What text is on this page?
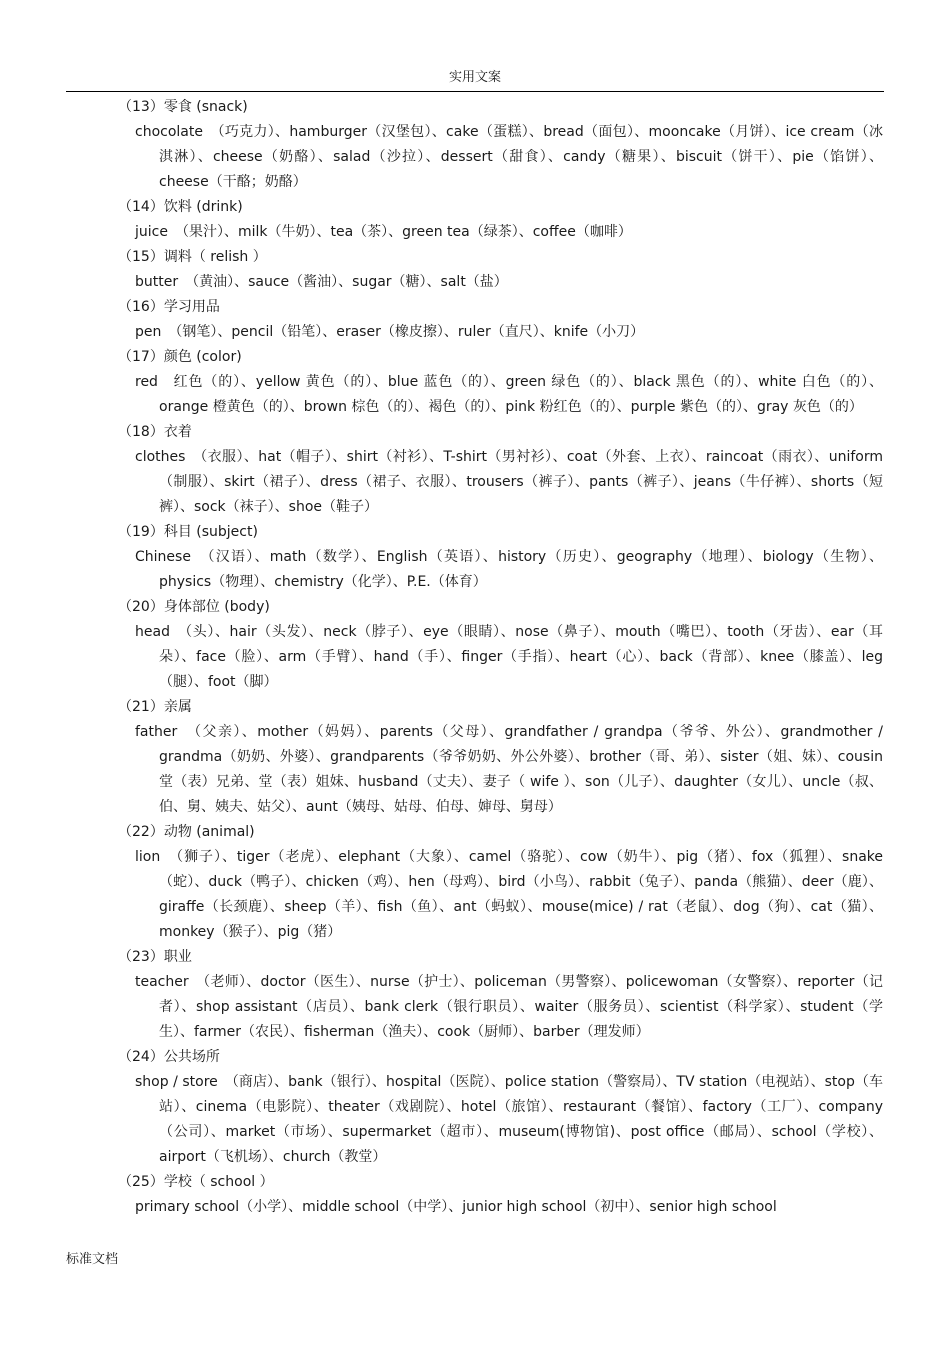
实用文案

（13）零食 (snack)

chocolate　（巧克力）、hamburger（汉堡包）、cake（蛋糕）、bread（面包）、mooncake（月饼）、ice cream（冰淇淋）、cheese（奶酪）、salad（沙拉）、dessert（甜食）、candy（糖果）、biscuit（饼干）、pie（馅饼）、cheese（干酪；奶酪）

（14）饮料 (drink)

juice　（果汁）、milk（牛奶）、tea（茶）、green tea（绿茶）、coffee（咖啡）

（15）调料（ relish ）

butter　（黄油）、sauce（酱油）、sugar（糖）、salt（盐）

（16）学习用品

pen　（钢笔）、pencil（铅笔）、eraser（橡皮擦）、ruler（直尺）、knife（小刀）

（17）颜色 (color)

red　红色（的）、yellow 黄色（的）、blue 蓝色（的）、green 绿色（的）、black 黑色（的）、white 白色（的）、orange 橙黄色（的）、brown 棕色（的）、褐色（的）、pink 粉红色（的）、purple 紫色（的）、gray 灰色（的）

（18）衣着

clothes　（衣服）、hat（帽子）、shirt（衬衫）、T-shirt（男衬衫）、coat（外套、上衣）、raincoat（雨衣）、uniform（制服）、skirt（裙子）、dress（裙子、衣服）、trousers（裤子）、pants（裤子）、jeans（牛仔裤）、shorts（短裤）、sock（袜子）、shoe（鞋子）

（19）科目 (subject)

Chinese　（汉语）、math（数学）、English（英语）、history（历史）、geography（地理）、biology（生物）、physics（物理）、chemistry（化学）、P.E.（体育）

（20）身体部位 (body)

head　（头）、hair（头发）、neck（脖子）、eye（眼睛）、nose（鼻子）、mouth（嘴巴）、tooth（牙齿）、ear（耳朵）、face（脸）、arm（手臂）、hand（手）、finger（手指）、heart（心）、back（背部）、knee（膝盖）、leg（腿）、foot（脚）

（21）亲属

father　（父亲）、mother（妈妈）、parents（父母）、grandfather / grandpa（爷爷、外公）、grandmother / grandma（奶奶、外婆）、grandparents（爷爷奶奶、外公外婆）、brother（哥、弟）、sister（姐、妹）、cousin 堂（表）兄弟、堂（表）姐妹、husband（丈夫）、妻子（ wife ）、son（儿子）、daughter（女儿）、uncle（叔、伯、舅、姨夫、姑父）、aunt（姨母、姑母、伯母、婶母、舅母）

（22）动物 (animal)

lion　（狮子）、tiger（老虎）、elephant（大象）、camel（骆驼）、cow（奶牛）、pig（猪）、fox（狐狸）、snake（蛇）、duck（鸭子）、chicken（鸡）、hen（母鸡）、bird（小鸟）、rabbit（兔子）、panda（熊猫）、deer（鹿）、giraffe（长颈鹿）、sheep（羊）、fish（鱼）、ant（蚂蚁）、mouse(mice) / rat（老鼠）、dog（狗）、cat（猫）、monkey（猴子）、pig（猪）

（23）职业

teacher　（老师）、doctor（医生）、nurse（护士）、policeman（男警察）、policewoman（女警察）、reporter（记者）、shop assistant（店员）、bank clerk（银行职员）、waiter（服务员）、scientist（科学家）、student（学生）、farmer（农民）、fisherman（渔夫）、cook（厨师）、barber（理发师）

（24）公共场所

shop / store　（商店）、bank（银行）、hospital（医院）、police station（警察局）、TV station（电视站）、stop（车站）、cinema（电影院）、theater（戏剧院）、hotel（旅馆）、restaurant（餐馆）、factory（工厂）、company（公司）、market（市场）、supermarket（超市）、museum(博物馆)、post office（邮局）、school（学校）、airport（飞机场）、church（教堂）

（25）学校（ school ）

primary school（小学）、middle school（中学）、junior high school（初中）、senior high school

标准文档
